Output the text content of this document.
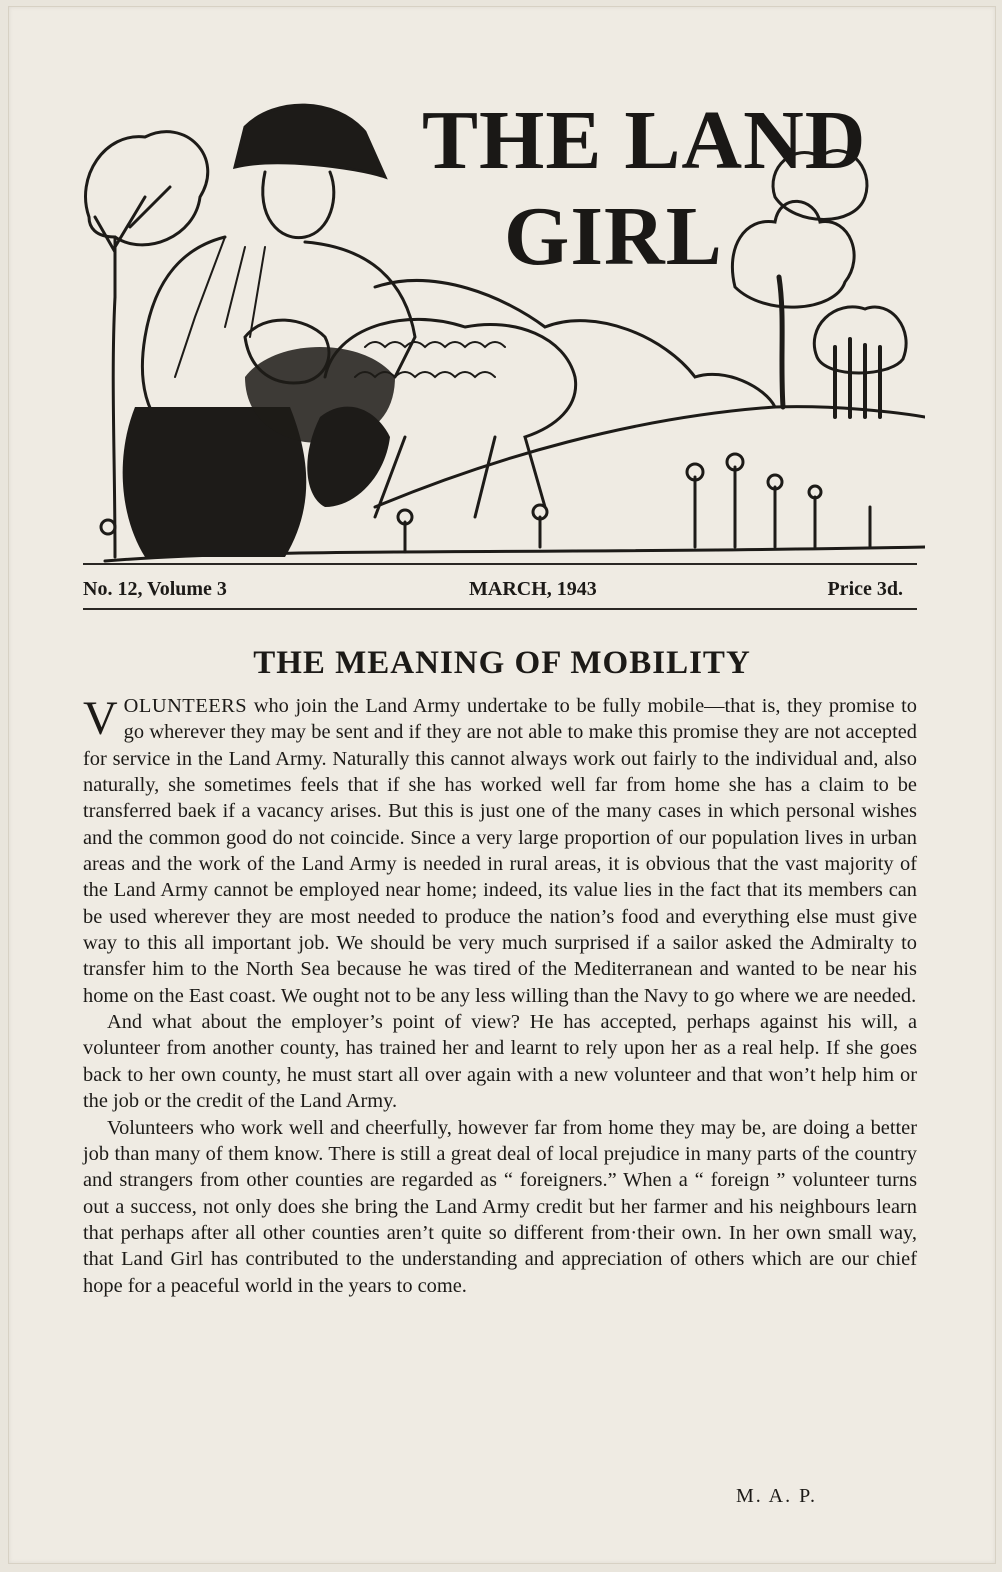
THE LAND
GIRL
No. 12, Volume 3	MARCH, 1943	Price 3d.
THE MEANING OF MOBILITY

VOLUNTEERS who join the Land Army undertake to be fully mobile—that is, they promise to go wherever they may be sent and if they are not able to make this promise they are not accepted for service in the Land Army. Naturally this cannot always work out fairly to the individual and, also naturally, she sometimes feels that if she has worked well far from home she has a claim to be transferred baek if a vacancy arises. But this is just one of the many cases in which personal wishes and the common good do not coincide. Since a very large proportion of our population lives in urban areas and the work of the Land Army is needed in rural areas, it is obvious that the vast majority of the Land Army cannot be employed near home; indeed, its value lies in the fact that its members can be used wherever they are most needed to produce the nation’s food and everything else must give way to this all important job. We should be very much surprised if a sailor asked the Admiralty to transfer him to the North Sea because he was tired of the Mediterranean and wanted to be near his home on the East coast. We ought not to be any less willing than the Navy to go where we are needed.

And what about the employer’s point of view? He has accepted, perhaps against his will, a volunteer from another county, has trained her and learnt to rely upon her as a real help. If she goes back to her own county, he must start all over again with a new volunteer and that won’t help him or the job or the credit of the Land Army.

Volunteers who work well and cheerfully, however far from home they may be, are doing a better job than many of them know. There is still a great deal of local prejudice in many parts of the country and strangers from other counties are regarded as “ foreigners.” When a “ foreign ” volunteer turns out a success, not only does she bring the Land Army credit but her farmer and his neighbours learn that perhaps after all other counties aren’t quite so different from·their own. In her own small way, that Land Girl has contributed to the understanding and appreciation of others which are our chief hope for a peaceful world in the years to come.

M. A. P.
